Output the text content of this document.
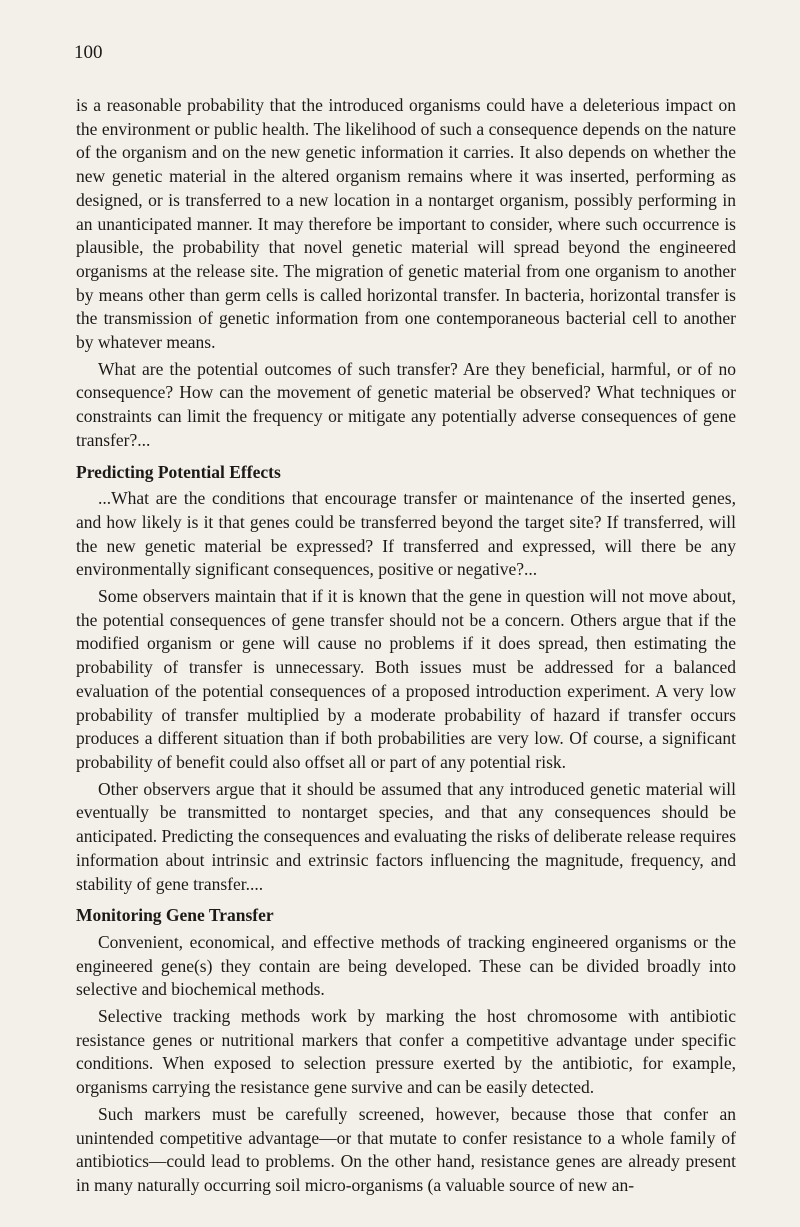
100

is a reasonable probability that the introduced organisms could have a deleterious impact on the environment or public health. The likelihood of such a consequence depends on the nature of the organism and on the new genetic information it carries. It also depends on whether the new genetic material in the altered organism remains where it was inserted, performing as designed, or is transferred to a new location in a nontarget organism, possibly performing in an unanticipated manner. It may therefore be important to consider, where such occurrence is plausible, the probability that novel genetic material will spread beyond the engineered organisms at the release site. The migration of genetic material from one organism to another by means other than germ cells is called horizontal transfer. In bacteria, horizontal transfer is the transmission of genetic information from one contemporaneous bacterial cell to another by whatever means.

What are the potential outcomes of such transfer? Are they beneficial, harmful, or of no consequence? How can the movement of genetic material be observed? What techniques or constraints can limit the frequency or mitigate any potentially adverse consequences of gene transfer?...

Predicting Potential Effects

...What are the conditions that encourage transfer or maintenance of the inserted genes, and how likely is it that genes could be transferred beyond the target site? If transferred, will the new genetic material be expressed? If transferred and expressed, will there be any environmentally significant consequences, positive or negative?...

Some observers maintain that if it is known that the gene in question will not move about, the potential consequences of gene transfer should not be a concern. Others argue that if the modified organism or gene will cause no problems if it does spread, then estimating the probability of transfer is unnecessary. Both issues must be addressed for a balanced evaluation of the potential consequences of a proposed introduction experiment. A very low probability of transfer multiplied by a moderate probability of hazard if transfer occurs produces a different situation than if both probabilities are very low. Of course, a significant probability of benefit could also offset all or part of any potential risk.

Other observers argue that it should be assumed that any introduced genetic material will eventually be transmitted to nontarget species, and that any consequences should be anticipated. Predicting the consequences and evaluating the risks of deliberate release requires information about intrinsic and extrinsic factors influencing the magnitude, frequency, and stability of gene transfer....

Monitoring Gene Transfer

Convenient, economical, and effective methods of tracking engineered organisms or the engineered gene(s) they contain are being developed. These can be divided broadly into selective and biochemical methods.

Selective tracking methods work by marking the host chromosome with antibiotic resistance genes or nutritional markers that confer a competitive advantage under specific conditions. When exposed to selection pressure exerted by the antibiotic, for example, organisms carrying the resistance gene survive and can be easily detected.

Such markers must be carefully screened, however, because those that confer an unintended competitive advantage—or that mutate to confer resistance to a whole family of antibiotics—could lead to problems. On the other hand, resistance genes are already present in many naturally occurring soil micro-organisms (a valuable source of new an-
